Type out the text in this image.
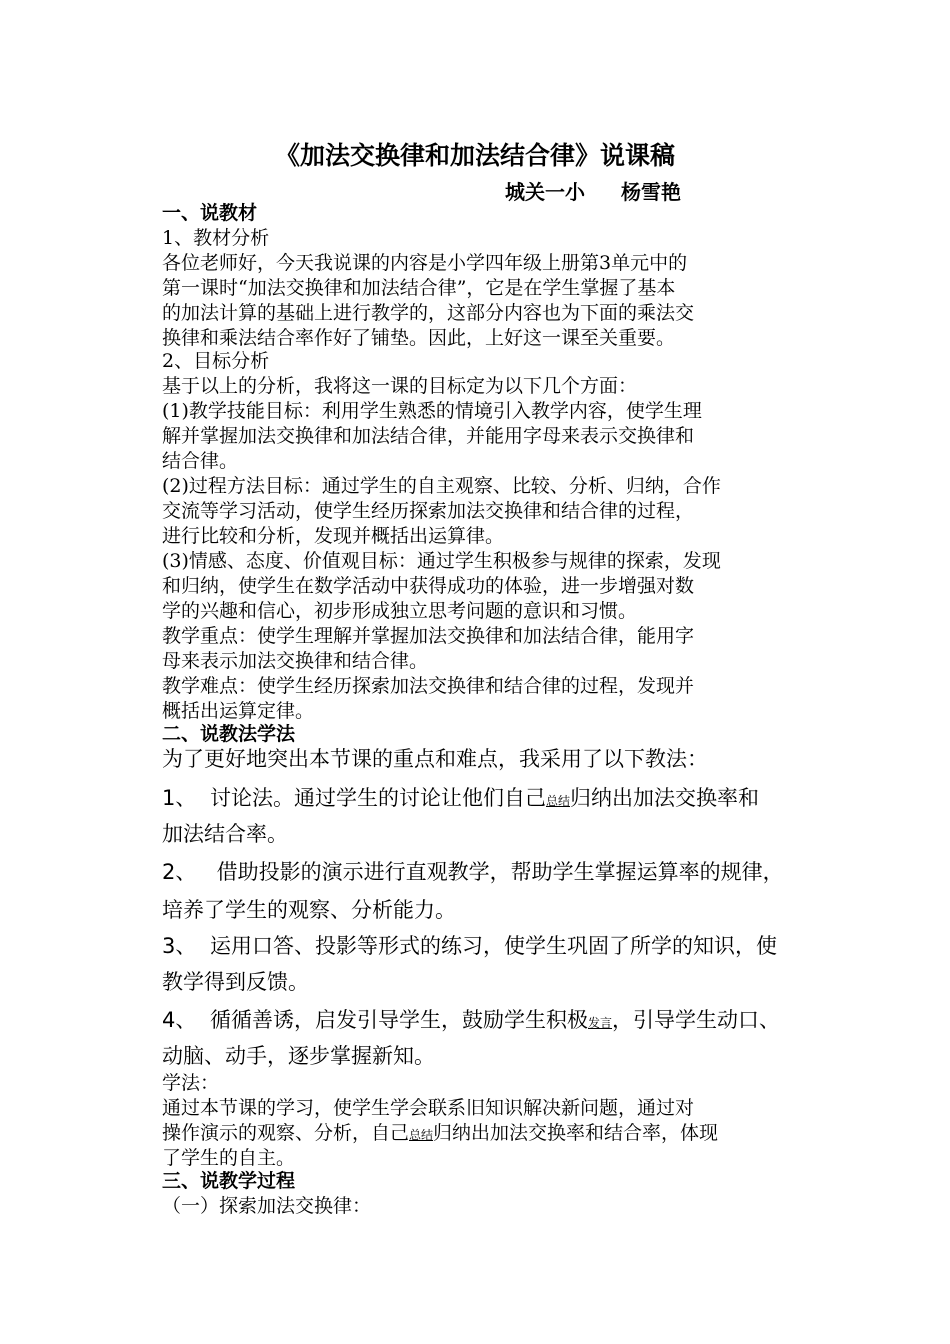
《加法交换律和加法结合律》说课稿
城关一小 杨雪艳
一、说教材
1、教材分析
各位老师好，今天我说课的内容是小学四年级上册第3单元中的
第一课时“加法交换律和加法结合律”，它是在学生掌握了基本
的加法计算的基础上进行教学的，这部分内容也为下面的乘法交
换律和乘法结合率作好了铺垫。因此，上好这一课至关重要。
2、目标分析
基于以上的分析，我将这一课的目标定为以下几个方面：
(1)教学技能目标：利用学生熟悉的情境引入教学内容，使学生理
解并掌握加法交换律和加法结合律，并能用字母来表示交换律和
结合律。
(2)过程方法目标：通过学生的自主观察、比较、分析、归纳，合作
交流等学习活动，使学生经历探索加法交换律和结合律的过程，
进行比较和分析，发现并概括出运算律。
(3)情感、态度、价值观目标：通过学生积极参与规律的探索，发现
和归纳，使学生在数学活动中获得成功的体验，进一步增强对数
学的兴趣和信心，初步形成独立思考问题的意识和习惯。
教学重点：使学生理解并掌握加法交换律和加法结合律，能用字
母来表示加法交换律和结合律。
教学难点：使学生经历探索加法交换律和结合律的过程，发现并
概括出运算定律。
二、说教法学法
为了更好地突出本节课的重点和难点，我采用了以下教法：
1、 讨论法。通过学生的讨论让他们自己总结归纳出加法交换率和
加法结合率。
2、 借助投影的演示进行直观教学，帮助学生掌握运算率的规律，
培养了学生的观察、分析能力。
3、 运用口答、投影等形式的练习，使学生巩固了所学的知识，使
教学得到反馈。
4、 循循善诱，启发引导学生，鼓励学生积极发言，引导学生动口、
动脑、动手，逐步掌握新知。
学法：
通过本节课的学习，使学生学会联系旧知识解决新问题，通过对
操作演示的观察、分析，自己总结归纳出加法交换率和结合率，体现
了学生的自主。
三、说教学过程
（一）探索加法交换律：
